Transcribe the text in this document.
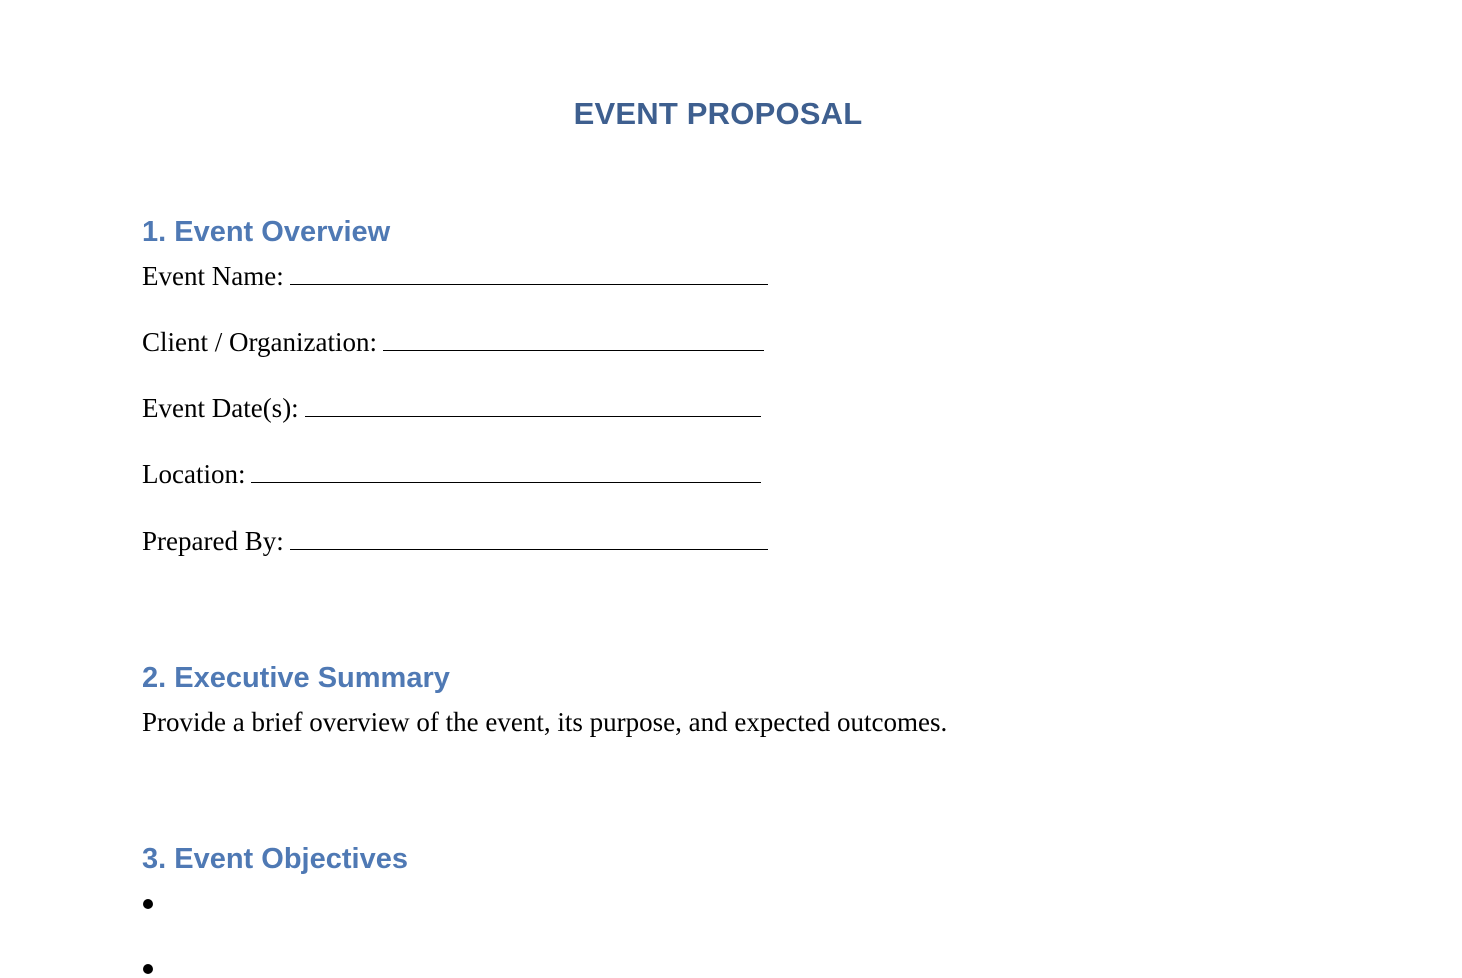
EVENT PROPOSAL
1. Event Overview
Event Name:
Client / Organization:
Event Date(s):
Location:
Prepared By:
2. Executive Summary
Provide a brief overview of the event, its purpose, and expected outcomes.
3. Event Objectives
